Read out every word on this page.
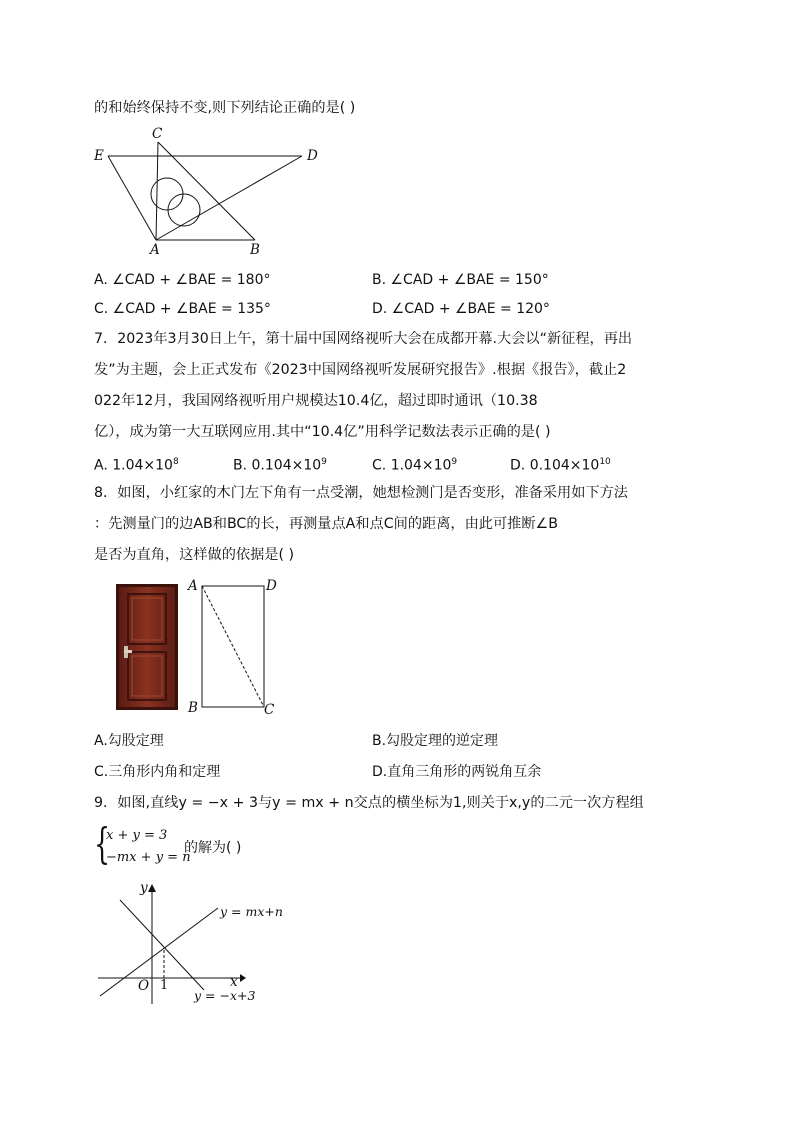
的和始终保持不变,则下列结论正确的是( )
C
E	D
A	B
A. ∠CAD + ∠BAE = 180°	B. ∠CAD + ∠BAE = 150°
C. ∠CAD + ∠BAE = 135°	D. ∠CAD + ∠BAE = 120°
7．2023年3月30日上午，第十届中国网络视听大会在成都开幕.大会以“新征程，再出
发”为主题，会上正式发布《2023中国网络视听发展研究报告》.根据《报告》，截止2
022年12月，我国网络视听用户规模达10.4亿，超过即时通讯（10.38
亿），成为第一大互联网应用.其中“10.4亿”用科学记数法表示正确的是( )
A. $1.04\times 10^8$	B. $0.104\times 10^9$	C. $1.04\times 10^9$	D. $0.104\times 10^{10}$
8．如图，小红家的木门左下角有一点受潮，她想检测门是否变形，准备采用如下方法
：先测量门的边AB和BC的长，再测量点A和点C间的距离，由此可推断∠B
是否为直角，这样做的依据是( )
A	D
B	C
A.勾股定理	B.勾股定理的逆定理
C.三角形内角和定理	D.直角三角形的两锐角互余
9．如图,直线y = −x + 3与y = mx + n交点的横坐标为1,则关于x,y的二元一次方程组
{
x + y = 3
−mx + y = n
的解为( )
y
x
O 1
y = mx+n
y = −x+3
